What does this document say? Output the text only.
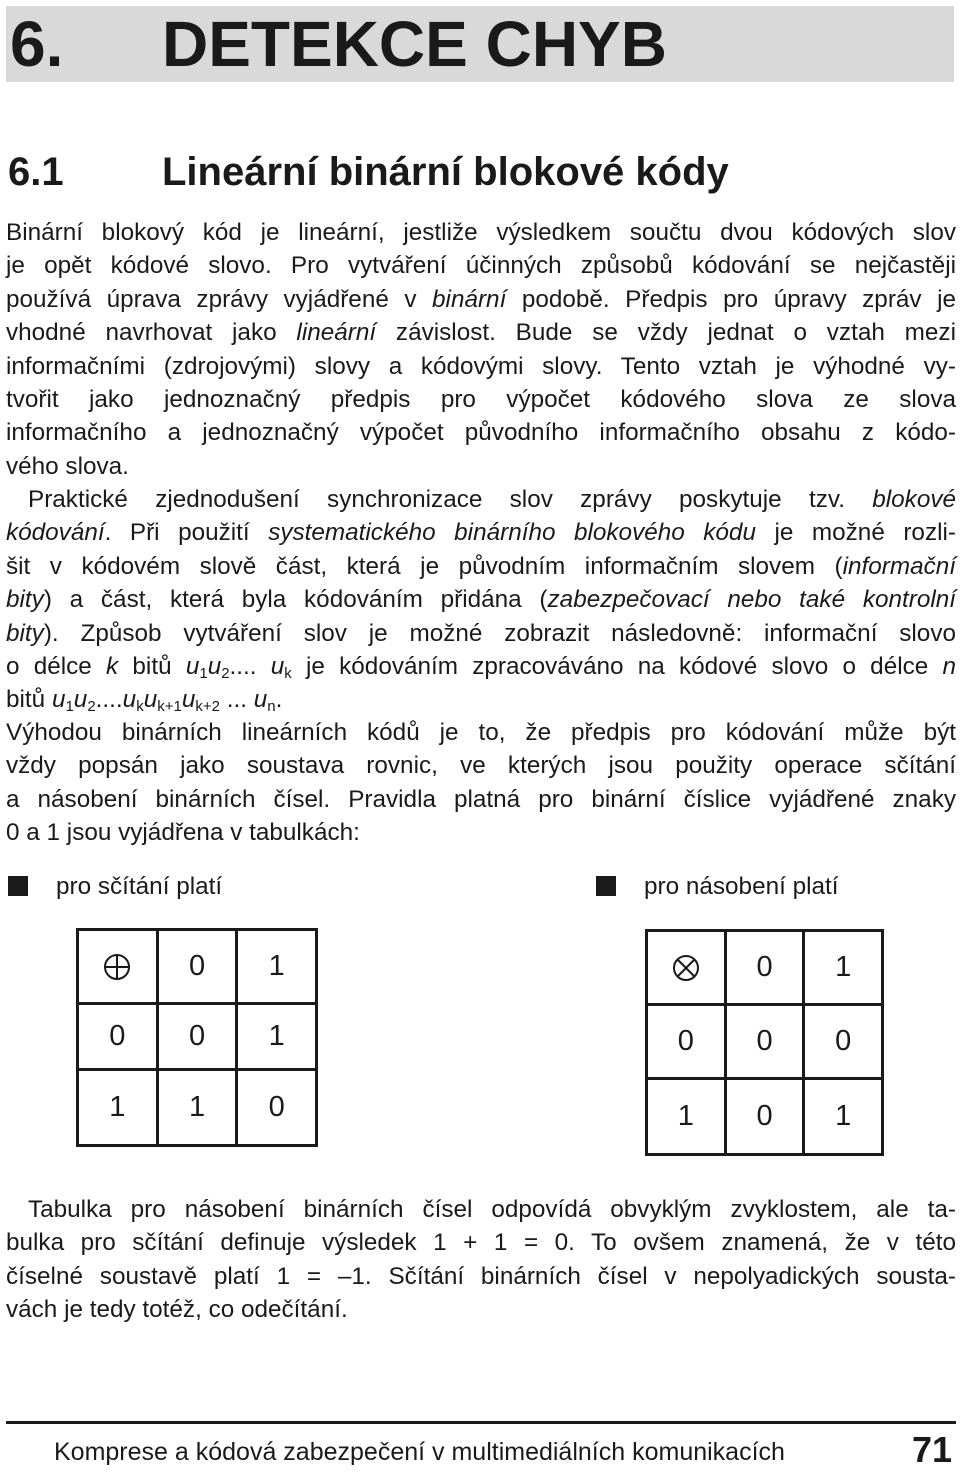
6. DETEKCE CHYB
6.1 Lineární binární blokové kódy
Binární blokový kód je lineární, jestliže výsledkem součtu dvou kódových slov
je opět kódové slovo. Pro vytváření účinných způsobů kódování se nejčastěji
používá úprava zprávy vyjádřené v binární podobě. Předpis pro úpravy zpráv je
vhodné navrhovat jako lineární závislost. Bude se vždy jednat o vztah mezi
informačními (zdrojovými) slovy a kódovými slovy. Tento vztah je výhodné vy-
tvořit jako jednoznačný předpis pro výpočet kódového slova ze slova
informačního a jednoznačný výpočet původního informačního obsahu z kódo-
vého slova.
Praktické zjednodušení synchronizace slov zprávy poskytuje tzv. blokové
kódování. Při použití systematického binárního blokového kódu je možné rozli-
šit v kódovém slově část, která je původním informačním slovem (informační
bity) a část, která byla kódováním přidána (zabezpečovací nebo také kontrolní
bity). Způsob vytváření slov je možné zobrazit následovně: informační slovo
o délce k bitů $u_1u_2$.... $u_k$ je kódováním zpracováváno na kódové slovo o délce n
bitů $u_1u_2....u_ku_{k+1}u_{k+2}$ ... $u_n$.
Výhodou binárních lineárních kódů je to, že předpis pro kódování může být
vždy popsán jako soustava rovnic, ve kterých jsou použity operace sčítání
a násobení binárních čísel. Pravidla platná pro binární číslice vyjádřené znaky
0 a 1 jsou vyjádřena v tabulkách:
pro sčítání platí	pro násobení platí
	0	1
0	0	1
1	1	0
	0	1
0	0	0
1	0	1
Tabulka pro násobení binárních čísel odpovídá obvyklým zvyklostem, ale ta-
bulka pro sčítání definuje výsledek 1 + 1 = 0. To ovšem znamená, že v této
číselné soustavě platí 1 = –1. Sčítání binárních čísel v nepolyadických sousta-
vách je tedy totéž, co odečítání.
Komprese a kódová zabezpečení v multimediálních komunikacích	71
